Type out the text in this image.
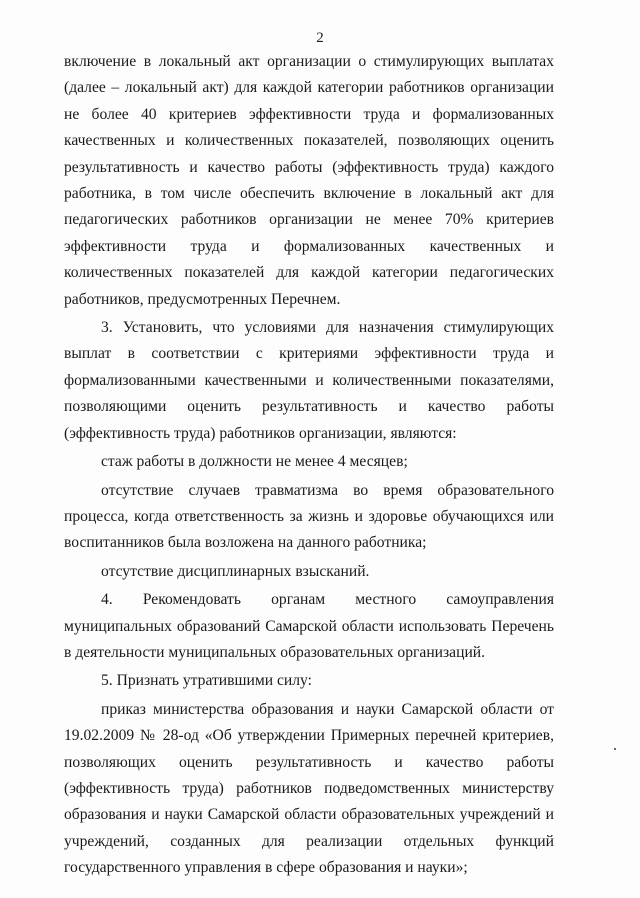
2

включение в локальный акт организации о стимулирующих выплатах (далее – локальный акт) для каждой категории работников организации не более 40 критериев эффективности труда и формализованных качественных и количественных показателей, позволяющих оценить результативность и качество работы (эффективность труда) каждого работника, в том числе обеспечить включение в локальный акт для педагогических работников организации не менее 70% критериев эффективности труда и формализованных качественных и количественных показателей для каждой категории педагогических работников, предусмотренных Перечнем.

3. Установить, что условиями для назначения стимулирующих выплат в соответствии с критериями эффективности труда и формализованными качественными и количественными показателями, позволяющими оценить результативность и качество работы (эффективность труда) работников организации, являются:

стаж работы в должности не менее 4 месяцев;

отсутствие случаев травматизма во время образовательного процесса, когда ответственность за жизнь и здоровье обучающихся или воспитанников была возложена на данного работника;

отсутствие дисциплинарных взысканий.

4. Рекомендовать органам местного самоуправления муниципальных образований Самарской области использовать Перечень в деятельности муниципальных образовательных организаций.

5. Признать утратившими силу:

приказ министерства образования и науки Самарской области от 19.02.2009 № 28-од «Об утверждении Примерных перечней критериев, позволяющих оценить результативность и качество работы (эффективность труда) работников подведомственных министерству образования и науки Самарской области образовательных учреждений и учреждений, созданных для реализации отдельных функций государственного управления в сфере образования и науки»;
